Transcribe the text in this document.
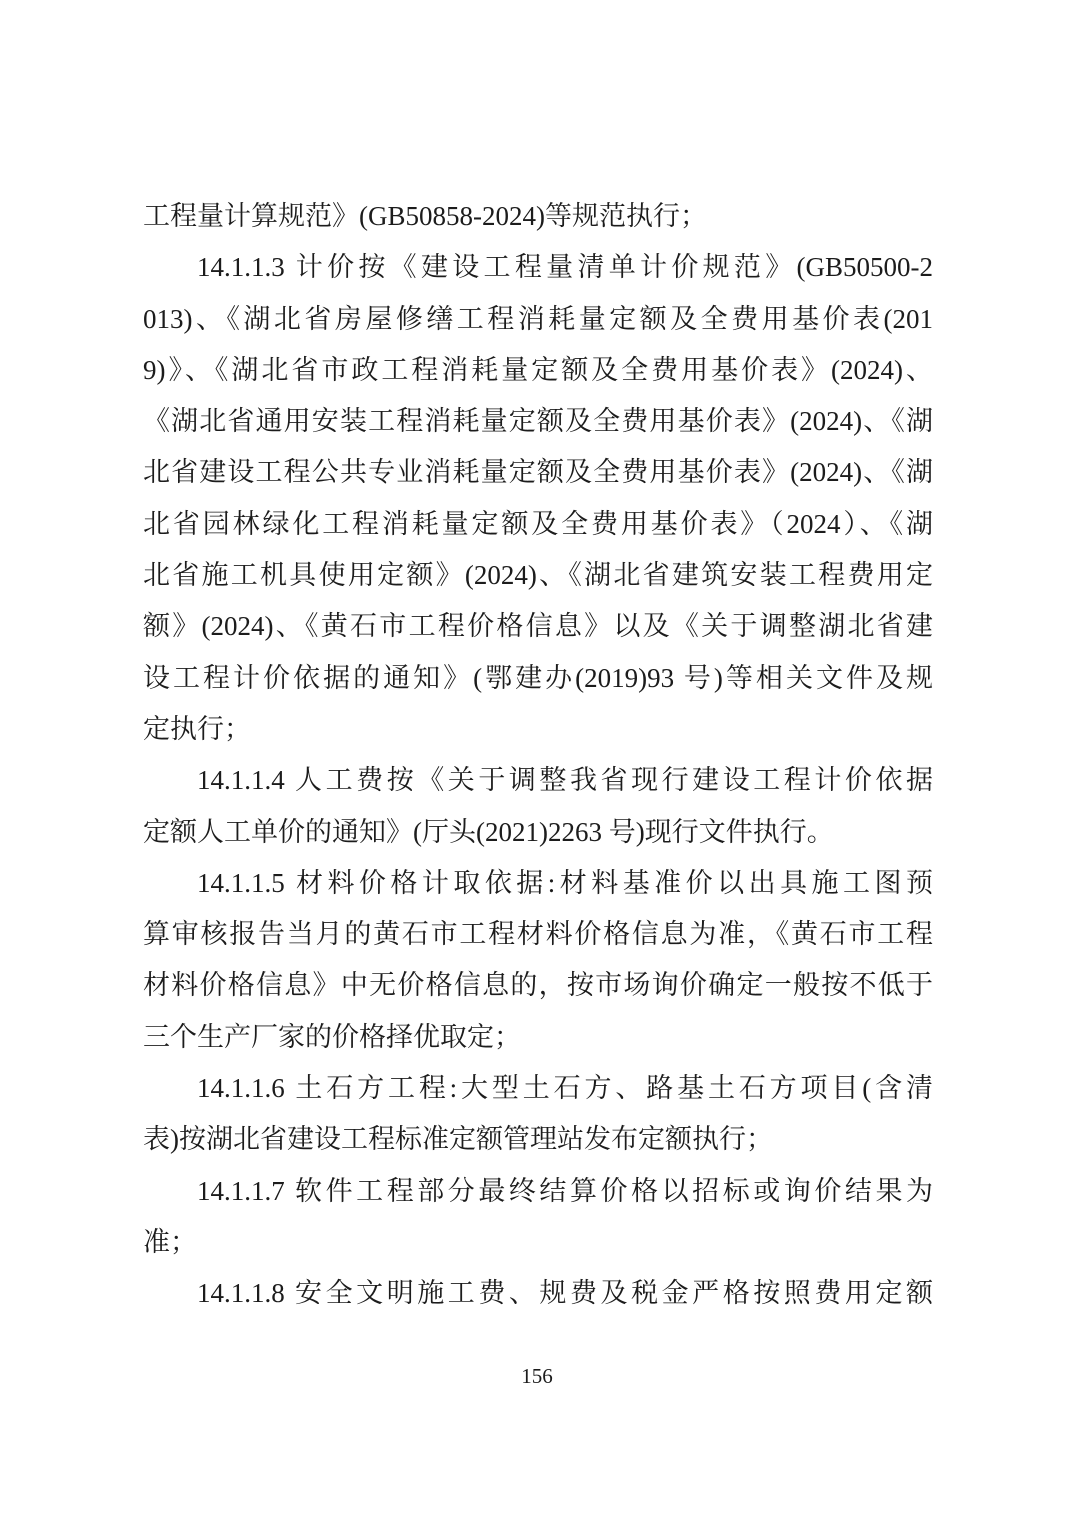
工程量计算规范》(GB50858-2024)等规范执行；
14.1.1.3 计价按《建设工程量清单计价规范》(GB50500-2
013)、《湖北省房屋修缮工程消耗量定额及全费用基价表(201
9)》、《湖北省市政工程消耗量定额及全费用基价表》(2024)、
《湖北省通用安装工程消耗量定额及全费用基价表》(2024)、《湖
北省建设工程公共专业消耗量定额及全费用基价表》(2024)、《湖
北省园林绿化工程消耗量定额及全费用基价表》（2024）、《湖
北省施工机具使用定额》(2024)、《湖北省建筑安装工程费用定
额》(2024)、《黄石市工程价格信息》以及《关于调整湖北省建
设工程计价依据的通知》(鄂建办(2019)93 号)等相关文件及规
定执行；
14.1.1.4 人工费按《关于调整我省现行建设工程计价依据
定额人工单价的通知》(厅头(2021)2263 号)现行文件执行。
14.1.1.5 材料价格计取依据:材料基准价以出具施工图预
算审核报告当月的黄石市工程材料价格信息为准，《黄石市工程
材料价格信息》中无价格信息的，按市场询价确定一般按不低于
三个生产厂家的价格择优取定；
14.1.1.6 土石方工程:大型土石方、路基土石方项目(含清
表)按湖北省建设工程标准定额管理站发布定额执行；
14.1.1.7 软件工程部分最终结算价格以招标或询价结果为
准；
14.1.1.8 安全文明施工费、规费及税金严格按照费用定额
156
